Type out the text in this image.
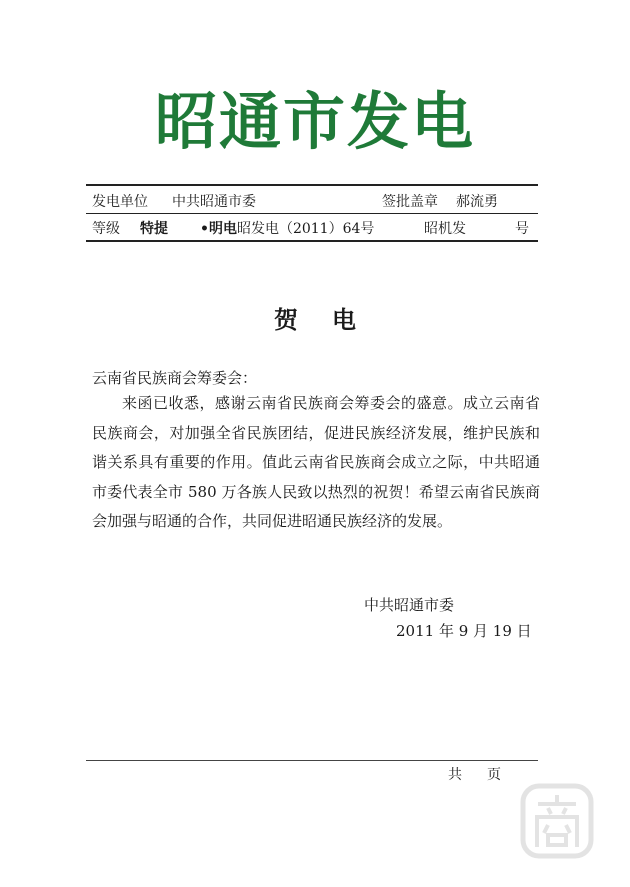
昭通市发电
发电单位 中共昭通市委	签批盖章 郝流勇
等级 特提 •明电昭发电（2011）64号	昭机发	号
贺电
云南省民族商会筹委会：

来函已收悉，感谢云南省民族商会筹委会的盛意。成立云南省民族商会，对加强全省民族团结，促进民族经济发展，维护民族和谐关系具有重要的作用。值此云南省民族商会成立之际，中共昭通市委代表全市 580 万各族人民致以热烈的祝贺！希望云南省民族商会加强与昭通的合作，共同促进昭通民族经济的发展。

中共昭通市委
2011 年 9 月 19 日
共 页
